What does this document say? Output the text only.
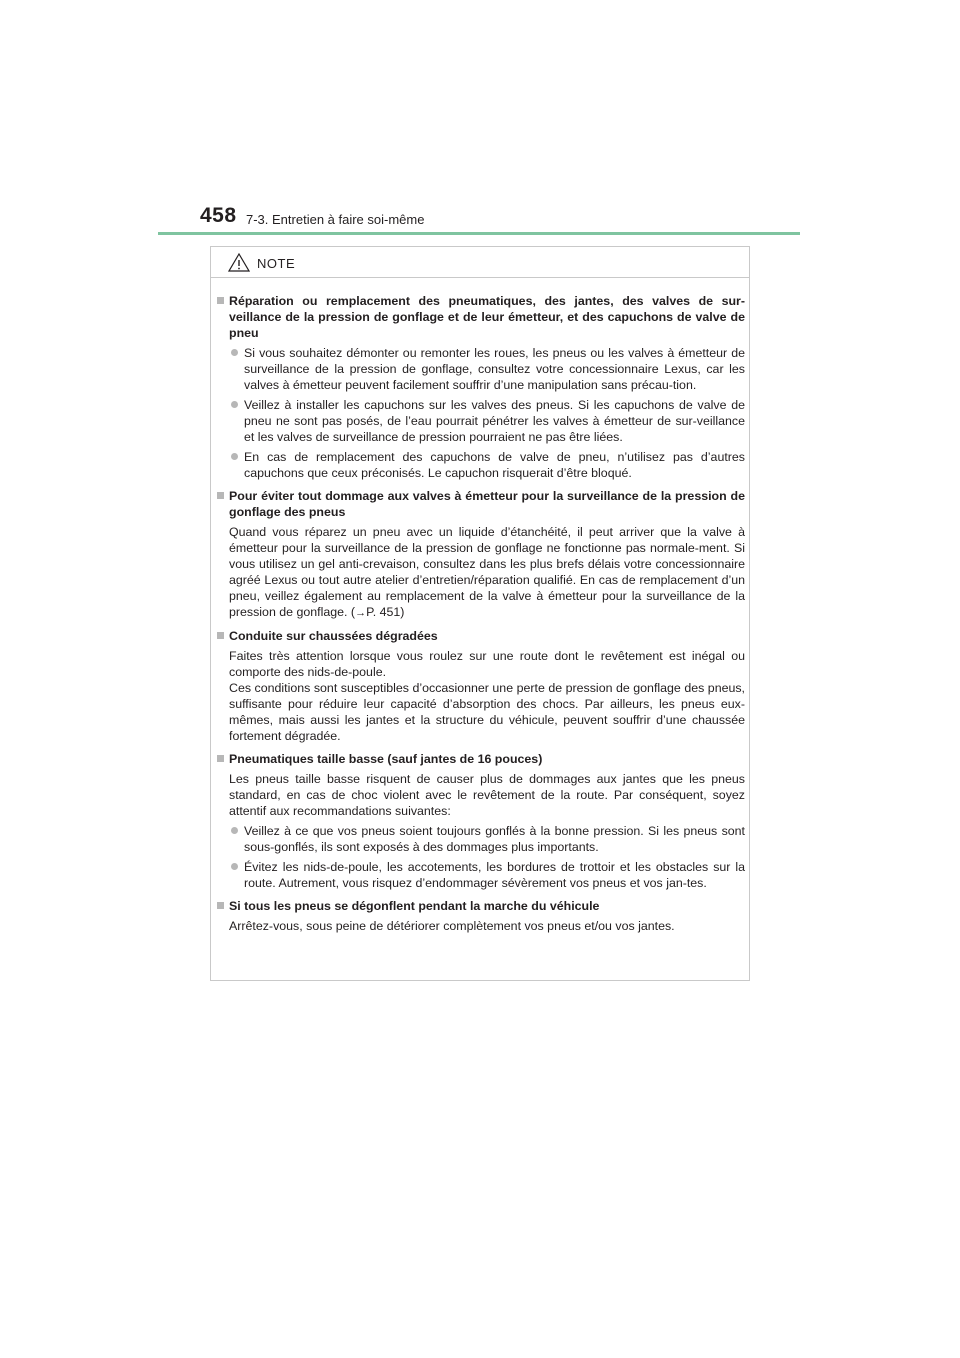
458 7-3. Entretien à faire soi-même
NOTE
Réparation ou remplacement des pneumatiques, des jantes, des valves de sur-veillance de la pression de gonflage et de leur émetteur, et des capuchons de valve de pneu
Si vous souhaitez démonter ou remonter les roues, les pneus ou les valves à émetteur de surveillance de la pression de gonflage, consultez votre concessionnaire Lexus, car les valves à émetteur peuvent facilement souffrir d’une manipulation sans précau-tion.
Veillez à installer les capuchons sur les valves des pneus. Si les capuchons de valve de pneu ne sont pas posés, de l’eau pourrait pénétrer les valves à émetteur de sur-veillance et les valves de surveillance de pression pourraient ne pas être liées.
En cas de remplacement des capuchons de valve de pneu, n’utilisez pas d’autres capuchons que ceux préconisés. Le capuchon risquerait d’être bloqué.
Pour éviter tout dommage aux valves à émetteur pour la surveillance de la pression de gonflage des pneus
Quand vous réparez un pneu avec un liquide d’étanchéité, il peut arriver que la valve à émetteur pour la surveillance de la pression de gonflage ne fonctionne pas normale-ment. Si vous utilisez un gel anti-crevaison, consultez dans les plus brefs délais votre concessionnaire agréé Lexus ou tout autre atelier d’entretien/réparation qualifié. En cas de remplacement d’un pneu, veillez également au remplacement de la valve à émetteur pour la surveillance de la pression de gonflage. (→P. 451)
Conduite sur chaussées dégradées
Faites très attention lorsque vous roulez sur une route dont le revêtement est inégal ou comporte des nids-de-poule.
Ces conditions sont susceptibles d’occasionner une perte de pression de gonflage des pneus, suffisante pour réduire leur capacité d’absorption des chocs. Par ailleurs, les pneus eux-mêmes, mais aussi les jantes et la structure du véhicule, peuvent souffrir d’une chaussée fortement dégradée.
Pneumatiques taille basse (sauf jantes de 16 pouces)
Les pneus taille basse risquent de causer plus de dommages aux jantes que les pneus standard, en cas de choc violent avec le revêtement de la route. Par conséquent, soyez attentif aux recommandations suivantes:
Veillez à ce que vos pneus soient toujours gonflés à la bonne pression. Si les pneus sont sous-gonflés, ils sont exposés à des dommages plus importants.
Évitez les nids-de-poule, les accotements, les bordures de trottoir et les obstacles sur la route. Autrement, vous risquez d’endommager sévèrement vos pneus et vos jan-tes.
Si tous les pneus se dégonflent pendant la marche du véhicule
Arrêtez-vous, sous peine de détériorer complètement vos pneus et/ou vos jantes.
